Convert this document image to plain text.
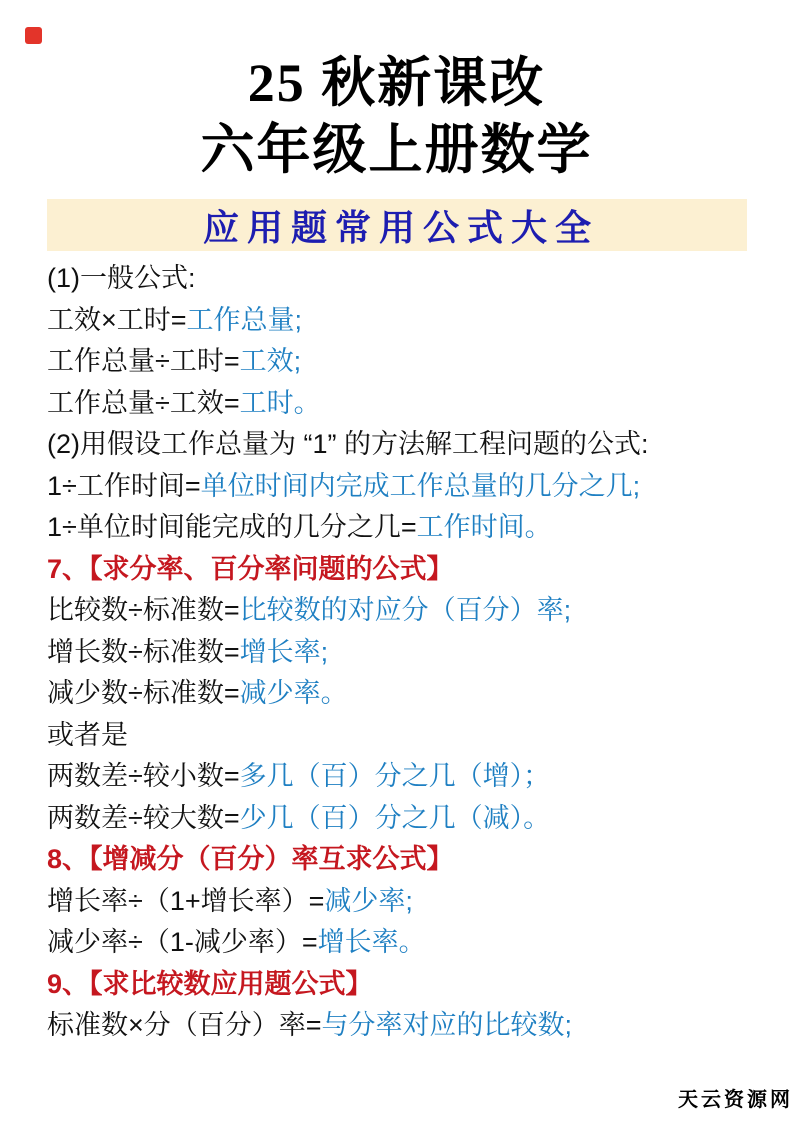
25 秋新课改
六年级上册数学
应用题常用公式大全
(1)一般公式:
工效×工时=工作总量;
工作总量÷工时=工效;
工作总量÷工效=工时。
(2)用假设工作总量为 “1” 的方法解工程问题的公式:
1÷工作时间=单位时间内完成工作总量的几分之几;
1÷单位时间能完成的几分之几=工作时间。
7、【求分率、百分率问题的公式】
比较数÷标准数=比较数的对应分（百分）率;
增长数÷标准数=增长率;
减少数÷标准数=减少率。
或者是
两数差÷较小数=多几（百）分之几（增）；
两数差÷较大数=少几（百）分之几（减）。
8、【增减分（百分）率互求公式】
增长率÷（1+增长率）=减少率;
减少率÷（1-减少率）=增长率。
9、【求比较数应用题公式】
标准数×分（百分）率=与分率对应的比较数;
天云资源网
